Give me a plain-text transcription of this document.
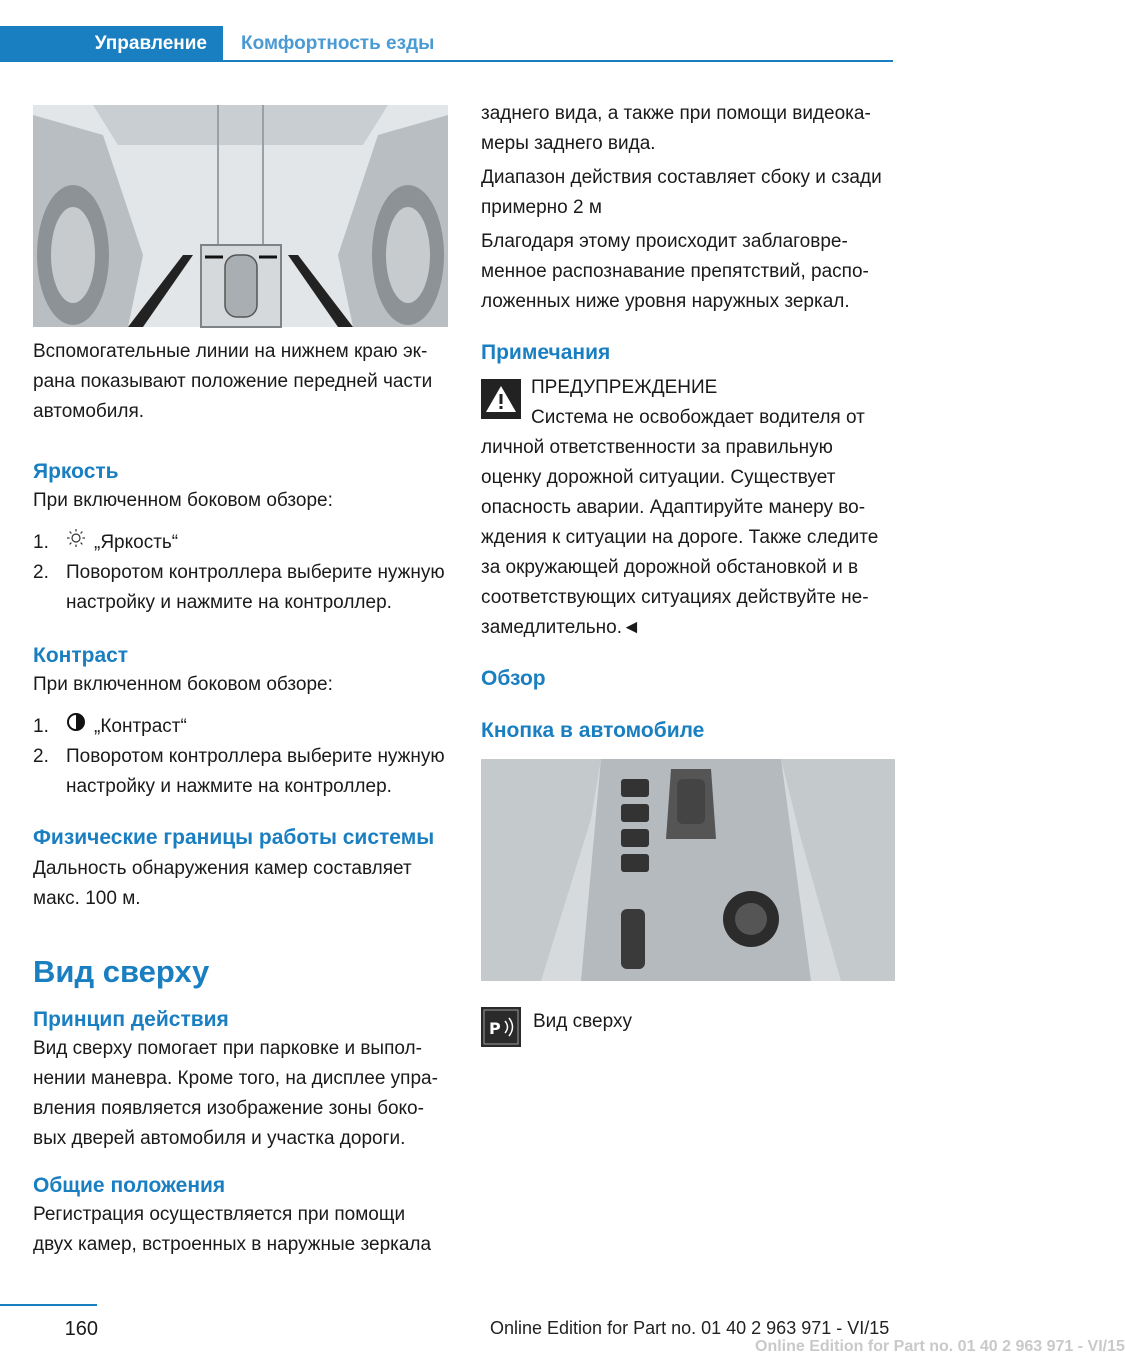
Управление	Комфортность езды

Вспомогательные линии на нижнем краю экрана показывают положение передней части автомобиля.

Яркость

При включенном боковом обзоре:

1.	„Яркость“
2. Поворотом контроллера выберите нужную настройку и нажмите на контроллер.
Контраст

При включенном боковом обзоре:

1.	„Контраст“
2. Поворотом контроллера выберите нужную настройку и нажмите на контроллер.
Физические границы работы системы

Дальность обнаружения камер составляет макс. 100 м.

Вид сверху
Принцип действия

Вид сверху помогает при парковке и выполнении маневра. Кроме того, на дисплее управления появляется изображение зоны боковых дверей автомобиля и участка дороги.

Общие положения

Регистрация осуществляется при помощи двух камер, встроенных в наружные зеркала

заднего вида, а также при помощи видеокамеры заднего вида.

Диапазон действия составляет сбоку и сзади примерно 2 м

Благодаря этому происходит заблаговременное распознавание препятствий, расположенных ниже уровня наружных зеркал.

Примечания

ПРЕДУПРЕЖДЕНИЕ

Система не освобождает водителя от

личной ответственности за правильную оценку дорожной ситуации. Существует опасность аварии. Адаптируйте манеру вождения к ситуации на дороге. Также следите за окружающей дорожной обстановкой и в соответствующих ситуациях действуйте незамедлительно.◄

Обзор
Кнопка в автомобиле
P Вид сверху

160	Online Edition for Part no. 01 40 2 963 971 - VI/15
Online Edition for Part no. 01 40 2 963 971 - VI/15
